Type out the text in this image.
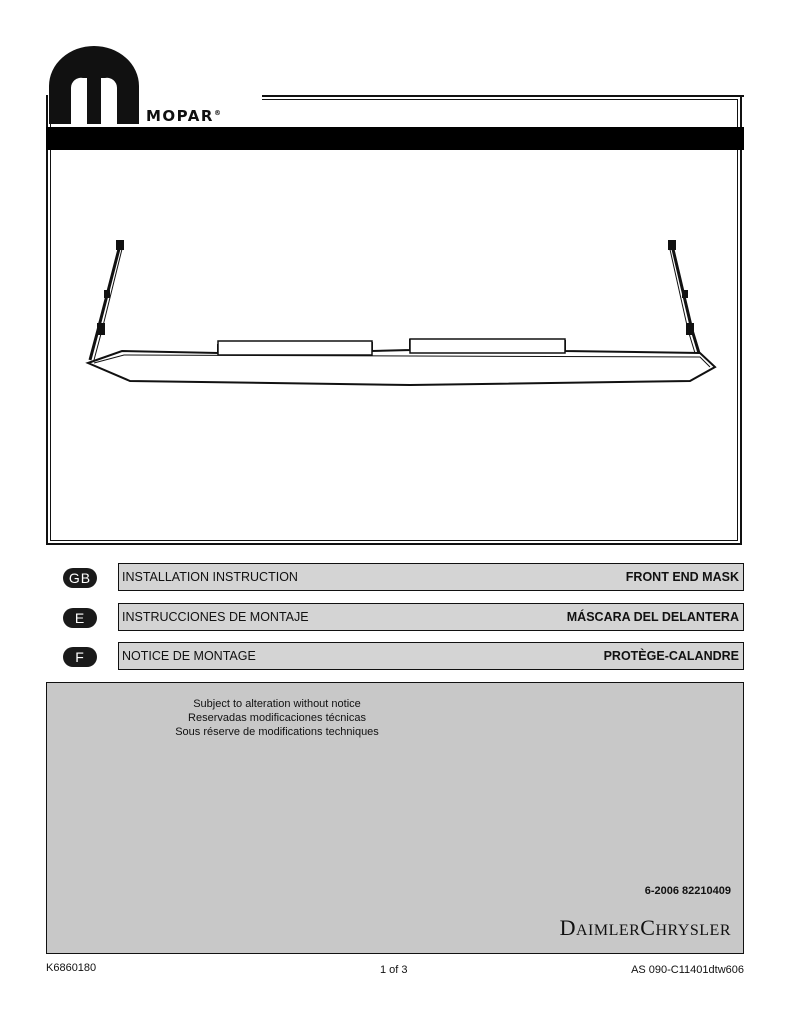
MOPAR®
GB	INSTALLATION INSTRUCTION	FRONT END MASK
E	INSTRUCCIONES DE MONTAJE	MÁSCARA DEL DELANTERA
F	NOTICE DE MONTAGE	PROTÈGE-CALANDRE
Subject to alteration without notice
Reservadas modificaciones técnicas
Sous réserve de modifications techniques
6-2006 82210409
DAIMLERCHRYSLER
K6860180	1 of 3	AS 090-C11401dtw606
